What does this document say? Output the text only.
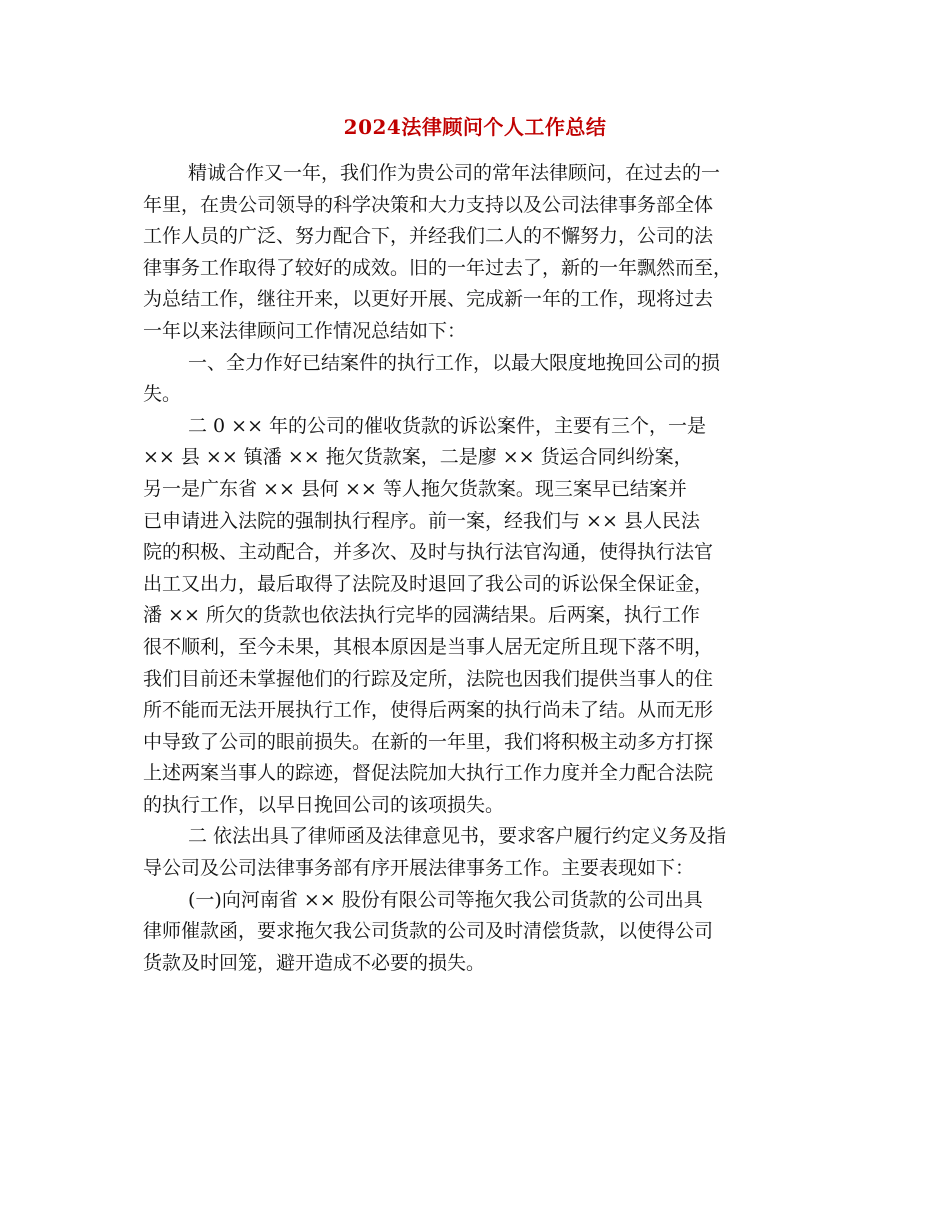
2024法律顾问个人工作总结
精诚合作又一年，我们作为贵公司的常年法律顾问，在过去的一
年里，在贵公司领导的科学决策和大力支持以及公司法律事务部全体
工作人员的广泛、努力配合下，并经我们二人的不懈努力，公司的法
律事务工作取得了较好的成效。旧的一年过去了，新的一年飘然而至，
为总结工作，继往开来，以更好开展、完成新一年的工作，现将过去
一年以来法律顾问工作情况总结如下：
一、全力作好已结案件的执行工作，以最大限度地挽回公司的损
失。
二 0 ×× 年的公司的催收货款的诉讼案件，主要有三个，一是
×× 县 ×× 镇潘 ×× 拖欠货款案，二是廖 ×× 货运合同纠纷案，
另一是广东省 ×× 县何 ×× 等人拖欠货款案。现三案早已结案并
已申请进入法院的强制执行程序。前一案，经我们与 ×× 县人民法
院的积极、主动配合，并多次、及时与执行法官沟通，使得执行法官
出工又出力，最后取得了法院及时退回了我公司的诉讼保全保证金，
潘 ×× 所欠的货款也依法执行完毕的园满结果。后两案，执行工作
很不顺利，至今未果，其根本原因是当事人居无定所且现下落不明，
我们目前还未掌握他们的行踪及定所，法院也因我们提供当事人的住
所不能而无法开展执行工作，使得后两案的执行尚未了结。从而无形
中导致了公司的眼前损失。在新的一年里，我们将积极主动多方打探
上述两案当事人的踪迹，督促法院加大执行工作力度并全力配合法院
的执行工作，以早日挽回公司的该项损失。
二 依法出具了律师函及法律意见书，要求客户履行约定义务及指
导公司及公司法律事务部有序开展法律事务工作。主要表现如下：
(一)向河南省 ×× 股份有限公司等拖欠我公司货款的公司出具
律师催款函，要求拖欠我公司货款的公司及时清偿货款，以使得公司
货款及时回笼，避开造成不必要的损失。
